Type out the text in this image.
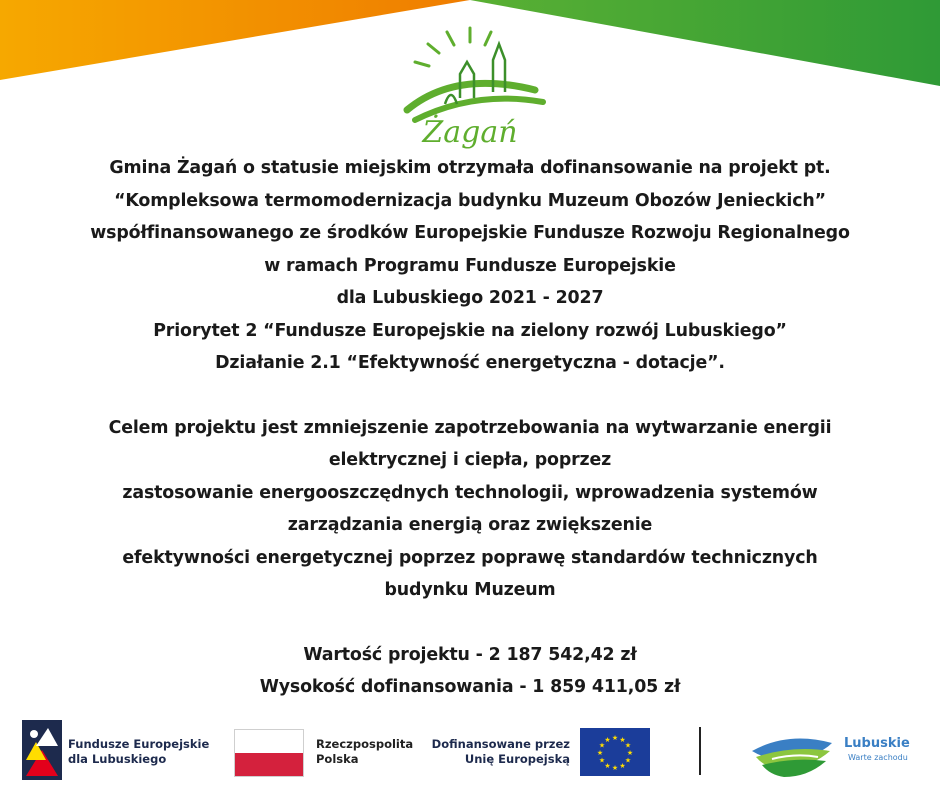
Żagań

Gmina Żagań o statusie miejskim otrzymała dofinansowanie na projekt pt.

“Kompleksowa termomodernizacja budynku Muzeum Obozów Jenieckich”

współfinansowanego ze środków Europejskie Fundusze Rozwoju Regionalnego

w ramach Programu Fundusze Europejskie

dla Lubuskiego 2021 - 2027

Priorytet 2 “Fundusze Europejskie na zielony rozwój Lubuskiego”

Działanie 2.1 “Efektywność energetyczna - dotacje”.

Celem projektu jest zmniejszenie zapotrzebowania na wytwarzanie energii

elektrycznej i ciepła, poprzez

zastosowanie energooszczędnych technologii, wprowadzenia systemów

zarządzania energią oraz zwiększenie

efektywności energetycznej poprzez poprawę standardów technicznych

budynku Muzeum

Wartość projektu - 2 187 542,42 zł

Wysokość dofinansowania - 1 859 411,05 zł

Fundusze Europejskie
dla Lubuskiego
Rzeczpospolita
Polska
Dofinansowane przez
Unię Europejską
★ ★
★
★
★
★
★
★
★
★
★
★	Lubuskie
Warte zachodu
